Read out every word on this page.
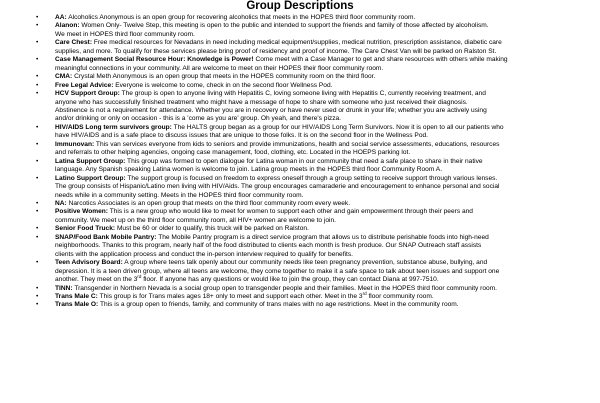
Group Descriptions
•	AA: Alcoholics Anonymous is an open group for recovering alcoholics that meets in the HOPES third floor community room.
•	Alanon: Women Only- Twelve Step, this meeting is open to the public and intended to support the friends and family of those affected by alcoholism.
We meet in HOPES third floor community room.
•	Care Chest: Free medical resources for Nevadans in need including medical equipment/supplies, medical nutrition, prescription assistance, diabetic care
supplies, and more. To qualify for these services please bring proof of residency and proof of income. The Care Chest Van will be parked on Ralston St.
•	Case Management Social Resource Hour: Knowledge is Power! Come meet with a Case Manager to get and share resources with others while making
meaningful connections in your community. All are welcome to meet on their HOPES their floor community room.
•	CMA: Crystal Meth Anonymous is an open group that meets in the HOPES community room on the third floor.
•	Free Legal Advice: Everyone is welcome to come, check in on the second floor Wellness Pod.
•	HCV Support Group: The group is open to anyone living with Hepatitis C, loving someone living with Hepatitis C, currently receiving treatment, and
anyone who has successfully finished treatment who might have a message of hope to share with someone who just received their diagnosis.
Abstinence is not a requirement for attendance. Whether you are in recovery or have never used or drunk in your life; whether you are actively using
and/or drinking or only on occasion - this is a 'come as you are' group. Oh yeah, and there's pizza.
•	HIV/AIDS Long term survivors group: The HALTS group began as a group for our HIV/AIDS Long Term Survivors. Now it is open to all our patients who
have HIV/AIDS and is a safe place to discuss issues that are unique to those folks. It is on the second floor in the Wellness Pod.
•	Immunovan: This van services everyone from kids to seniors and provide immunizations, health and social service assessments, educations, resources
and referrals to other helping agencies, ongoing case management, food, clothing, etc. Located in the HOEPS parking lot.
•	Latina Support Group: This group was formed to open dialogue for Latina woman in our community that need a safe place to share in their native
language. Any Spanish speaking Latina women is welcome to join. Latina group meets in the HOPES third floor Community Room A.
•	Latino Support Group: The support group is focused on freedom to express oneself through a group setting to receive support through various lenses.
The group consists of Hispanic/Latino men living with HIV/Aids. The group encourages camaraderie and encouragement to enhance personal and social
needs while in a community setting. Meets in the HOPES third floor community room.
•	NA: Narcotics Associates is an open group that meets on the third floor community room every week.
•	Positive Women: This is a new group who would like to meet for women to support each other and gain empowerment through their peers and
community. We meet up on the third floor community room, all HIV+ women are welcome to join.
•	Senior Food Truck: Must be 60 or older to qualify, this truck will be parked on Ralston.
•	SNAP/Food Bank Mobile Pantry: The Mobile Pantry program is a direct service program that allows us to distribute perishable foods into high-need
neighborhoods. Thanks to this program, nearly half of the food distributed to clients each month is fresh produce. Our SNAP Outreach staff assists
clients with the application process and conduct the in-person interview required to qualify for benefits.
•	Teen Advisory Board: A group where teens talk openly about our community needs like teen pregnancy prevention, substance abuse, bullying, and
depression. It is a teen driven group, where all teens are welcome, they come together to make it a safe space to talk about teen issues and support one
another. They meet on the 3rd floor. If anyone has any questions or would like to join the group, they can contact Diana at 997-7510.
•	TINN: Transgender in Northern Nevada is a social group open to transgender people and their families. Meet in the HOPES third floor community room.
•	Trans Male C: This group is for Trans males ages 18+ only to meet and support each other. Meet in the 3rd floor community room.
•	Trans Male O: This is a group open to friends, family, and community of trans males with no age restrictions. Meet in the community room.
